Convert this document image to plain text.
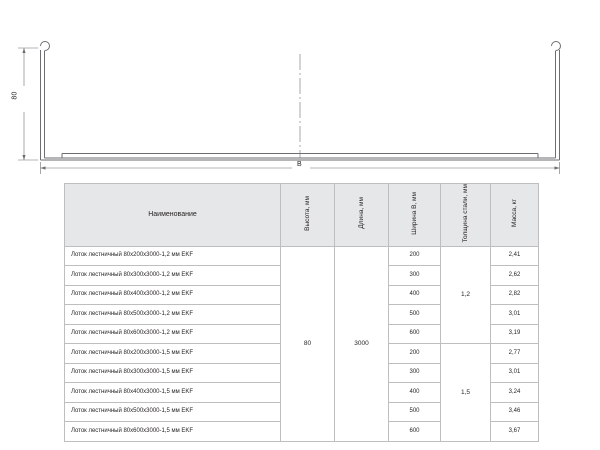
80
B
Наименование	Высота, мм	Длина, мм	Ширина B, мм	Толщина стали, мм	Масса, кг
Лоток лестничный 80х200х3000-1,2 мм EKF	80	3000	200	1,2	2,41
Лоток лестничный 80х300х3000-1,2 мм EKF			300		2,62
Лоток лестничный 80х400х3000-1,2 мм EKF			400		2,82
Лоток лестничный 80х500х3000-1,2 мм EKF			500		3,01
Лоток лестничный 80х600х3000-1,2 мм EKF			600		3,19
Лоток лестничный 80х200х3000-1,5 мм EKF			200	1,5	2,77
Лоток лестничный 80х300х3000-1,5 мм EKF			300		3,01
Лоток лестничный 80х400х3000-1,5 мм EKF			400		3,24
Лоток лестничный 80х500х3000-1,5 мм EKF			500		3,46
Лоток лестничный 80х600х3000-1,5 мм EKF			600		3,67
